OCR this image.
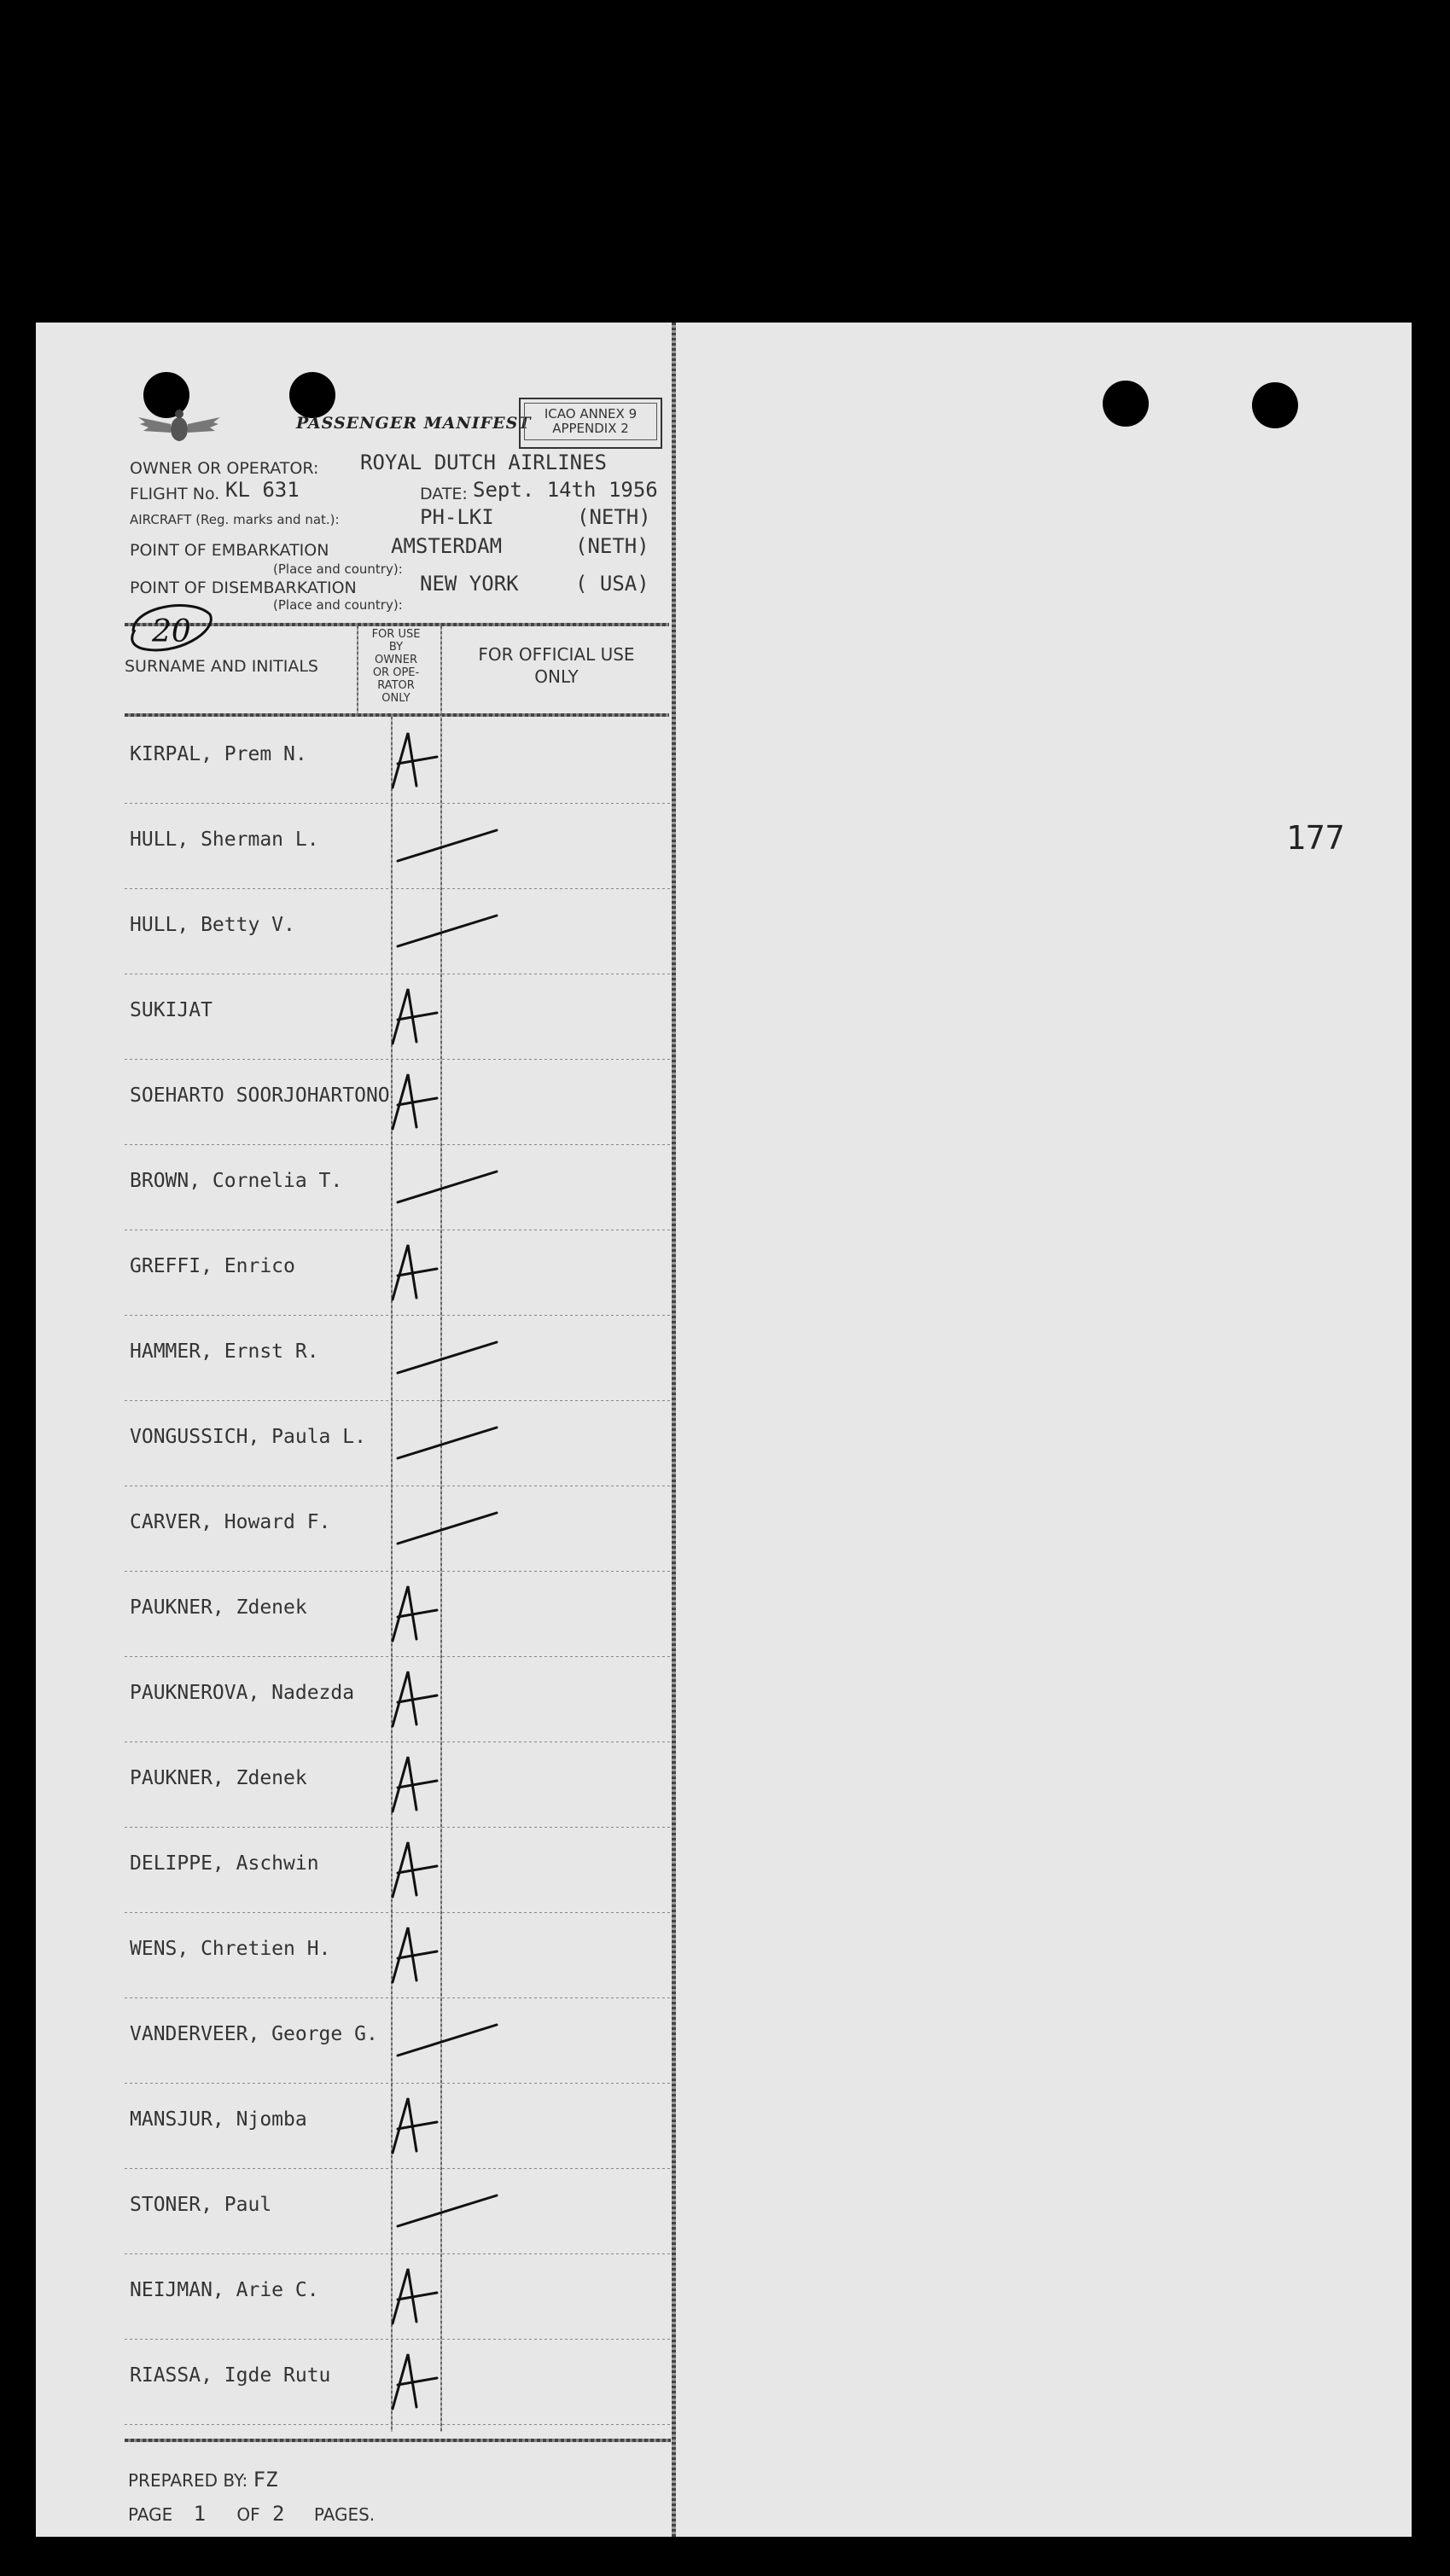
177
PASSENGER MANIFEST	ICAO ANNEX 9
APPENDIX 2
OWNER OR OPERATOR: ROYAL DUTCH AIRLINES
FLIGHT No. KL 631	DATE: Sept. 14th 1956
AIRCRAFT (Reg. marks and nat.):	PH-LKI	(NETH)
POINT OF EMBARKATION	AMSTERDAM	(NETH)
(Place and country):
POINT OF DISEMBARKATION	NEW YORK	( USA)
(Place and country):
20
SURNAME AND INITIALS
FOR USE
BY
OWNER
OR OPE-
RATOR
ONLY
FOR OFFICIAL USE
ONLY
KIRPAL, Prem N.
HULL, Sherman L.
HULL, Betty V.
SUKIJAT
SOEHARTO SOORJOHARTONO
BROWN, Cornelia T.
GREFFI, Enrico
HAMMER, Ernst R.
VONGUSSICH, Paula L.
CARVER, Howard F.
PAUKNER, Zdenek
PAUKNEROVA, Nadezda
PAUKNER, Zdenek
DELIPPE, Aschwin
WENS, Chretien H.
VANDERVEER, George G.
MANSJUR, Njomba
STONER, Paul
NEIJMAN, Arie C.
RIASSA, Igde Rutu
PREPARED BY: FZ
PAGE 1 OF 2 PAGES.
